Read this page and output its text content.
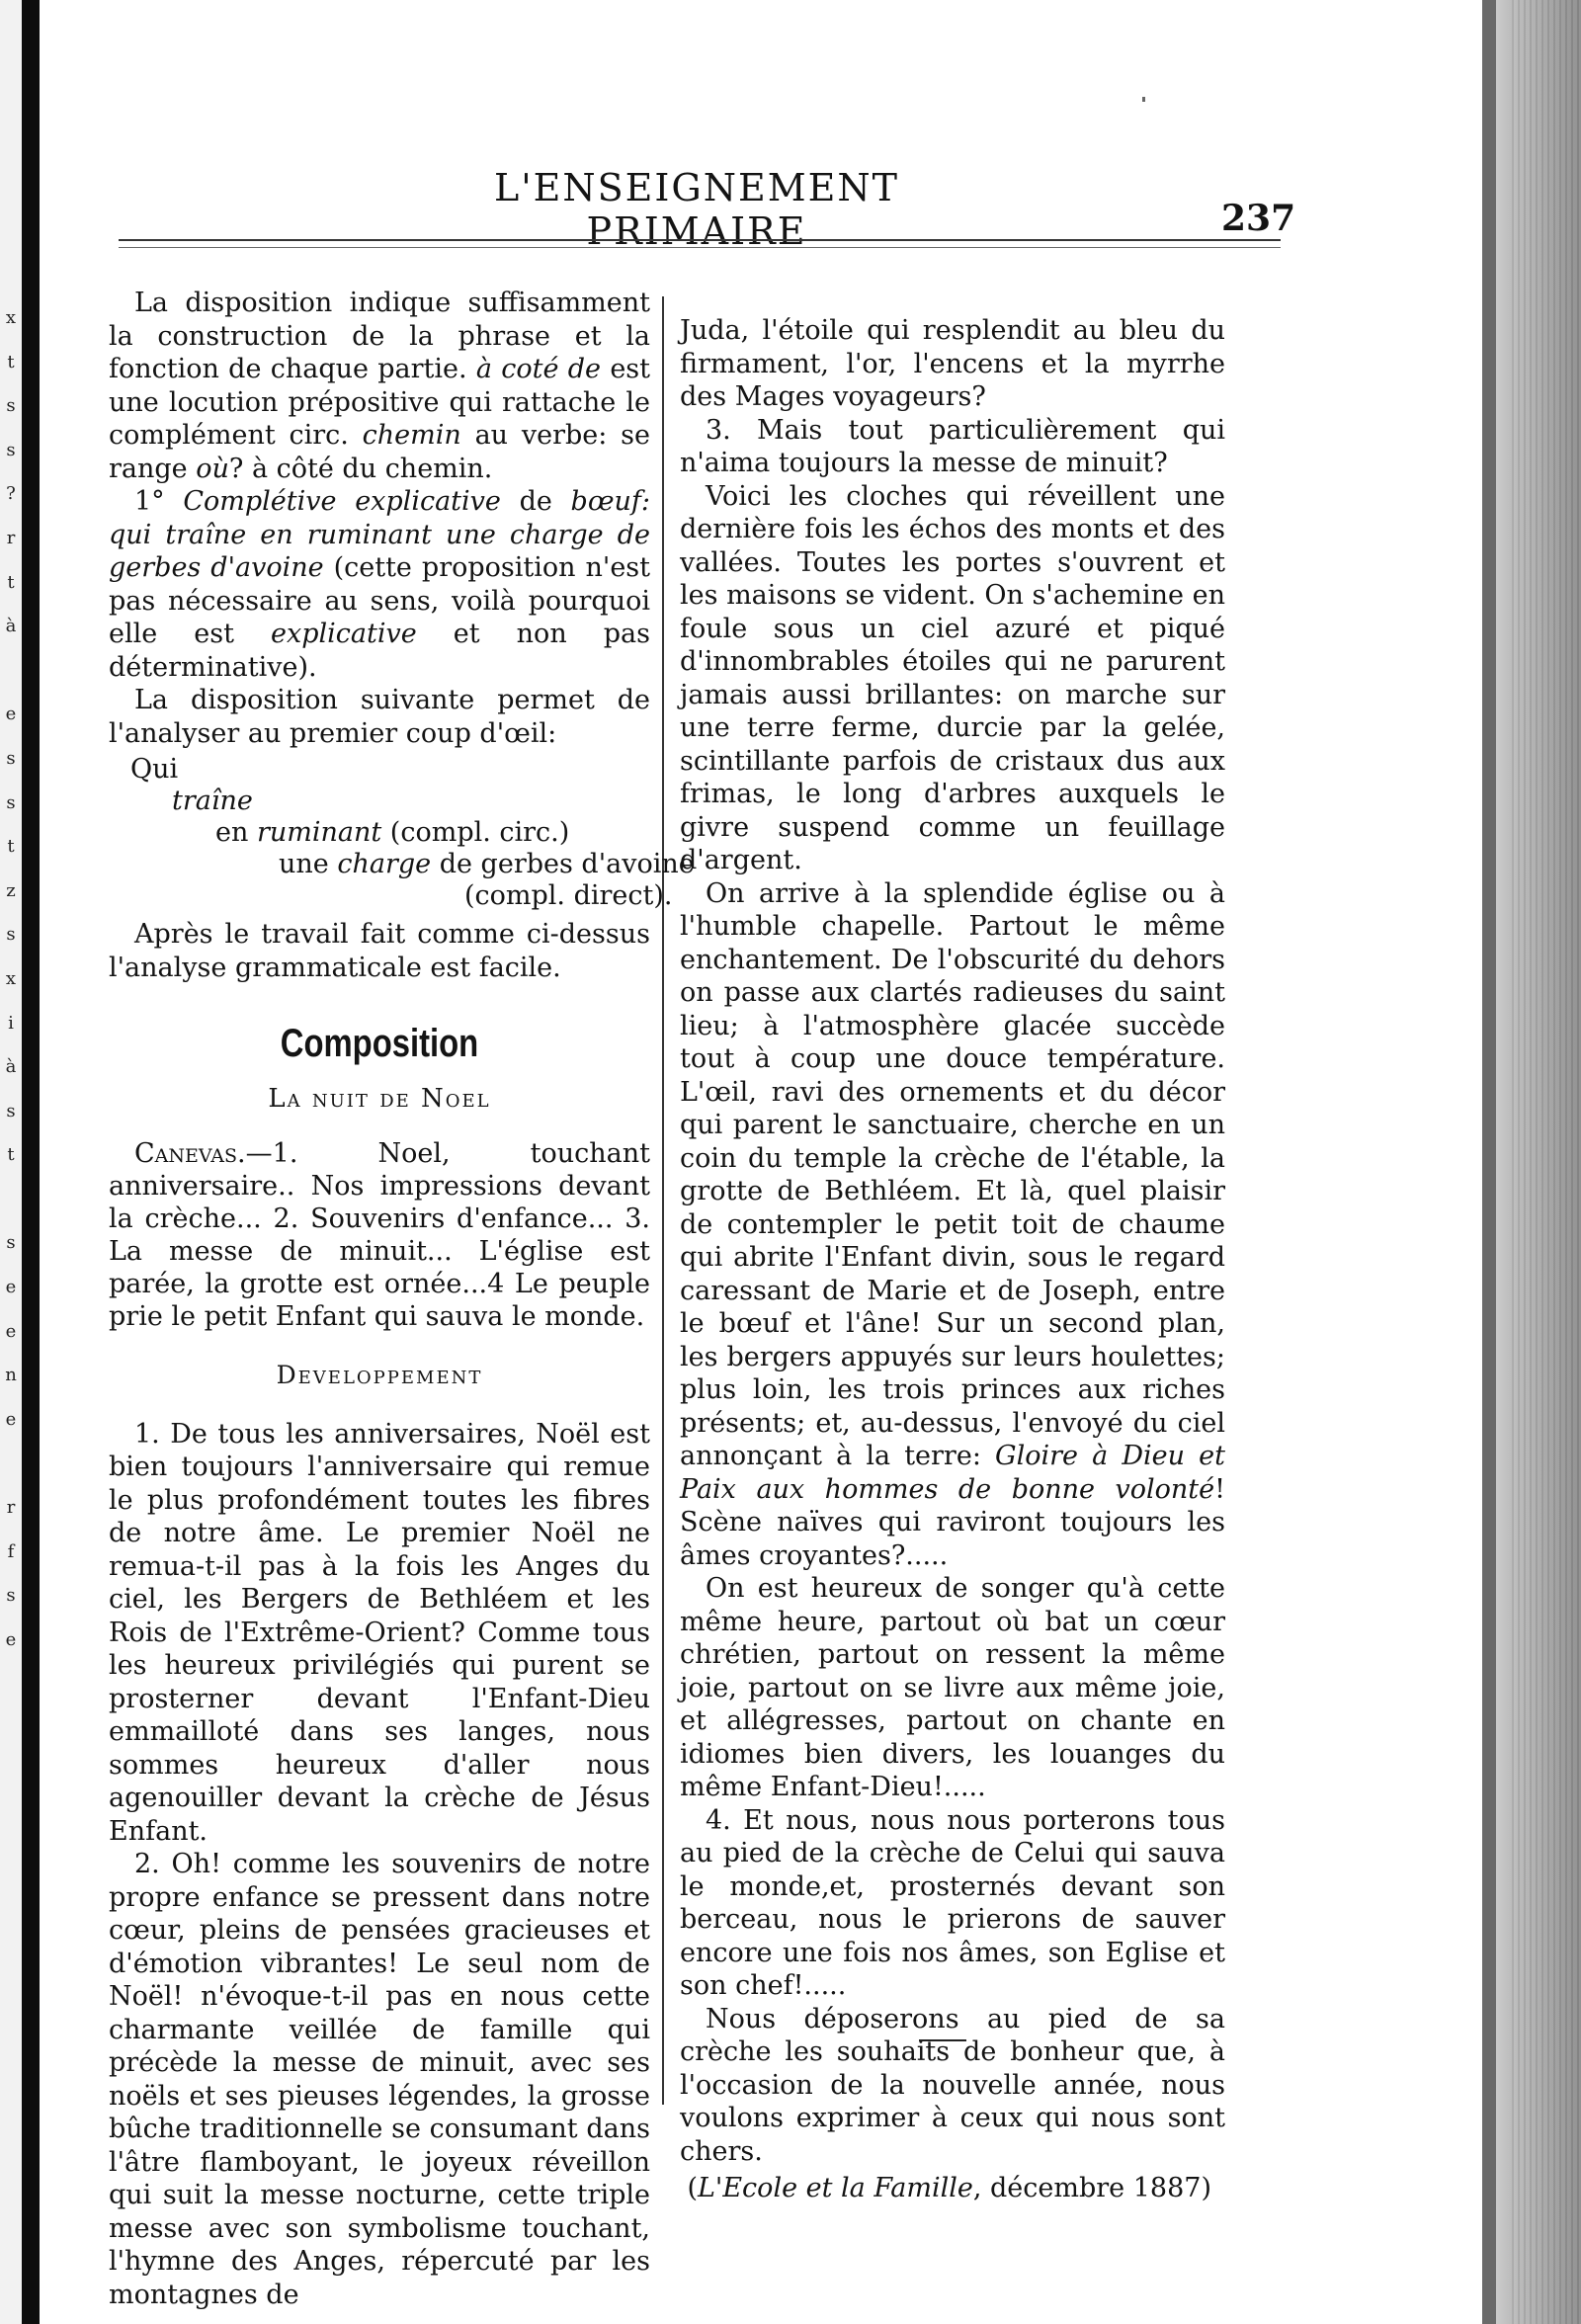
x
t
s
s
?
r
t
à

e
s
s
t
z
s
x
i
à
s
t

s
e
e
n
e

r
f
s
e
L'ENSEIGNEMENT PRIMAIRE	237

La disposition indique suffisamment la construction de la phrase et la fonction de chaque partie. à coté de est une locution prépositive qui rattache le complément circ. chemin au verbe: se range où? à côté du chemin.

1° Complétive explicative de bœuf: qui traîne en ruminant une charge de gerbes d'avoine (cette proposition n'est pas nécessaire au sens, voilà pourquoi elle est explicative et non pas déterminative).

La disposition suivante permet de l'analyser au premier coup d'œil:

Qui
traîne
en ruminant (compl. circ.)
une charge de gerbes d'avoine
(compl. direct).

Après le travail fait comme ci-dessus l'analyse grammaticale est facile.

Composition
La nuit de Noel

Canevas.—1. Noel, touchant anniversaire.. Nos impressions devant la crèche... 2. Souvenirs d'enfance... 3. La messe de minuit... L'église est parée, la grotte est ornée...4 Le peuple prie le petit Enfant qui sauva le monde.

Developpement

1. De tous les anniversaires, Noël est bien toujours l'anniversaire qui remue le plus profondément toutes les fibres de notre âme. Le premier Noël ne remua-t-il pas à la fois les Anges du ciel, les Bergers de Bethléem et les Rois de l'Extrême-Orient? Comme tous les heureux privilégiés qui purent se prosterner devant l'Enfant-Dieu emmailloté dans ses langes, nous sommes heureux d'aller nous agenouiller devant la crèche de Jésus Enfant.

2. Oh! comme les souvenirs de notre propre enfance se pressent dans notre cœur, pleins de pensées gracieuses et d'émotion vibrantes! Le seul nom de Noël! n'évoque-t-il pas en nous cette charmante veillée de famille qui précède la messe de minuit, avec ses noëls et ses pieuses légendes, la grosse bûche traditionnelle se consumant dans l'âtre flamboyant, le joyeux réveillon qui suit la messe nocturne, cette triple messe avec son symbolisme touchant, l'hymne des Anges, répercuté par les montagnes de

Juda, l'étoile qui resplendit au bleu du firmament, l'or, l'encens et la myrrhe des Mages voyageurs?

3. Mais tout particulièrement qui n'aima toujours la messe de minuit?

Voici les cloches qui réveillent une dernière fois les échos des monts et des vallées. Toutes les portes s'ouvrent et les maisons se vident. On s'achemine en foule sous un ciel azuré et piqué d'innombrables étoiles qui ne parurent jamais aussi brillantes: on marche sur une terre ferme, durcie par la gelée, scintillante parfois de cristaux dus aux frimas, le long d'arbres auxquels le givre suspend comme un feuillage d'argent.

On arrive à la splendide église ou à l'humble chapelle. Partout le même enchantement. De l'obscurité du dehors on passe aux clartés radieuses du saint lieu; à l'atmosphère glacée succède tout à coup une douce température. L'œil, ravi des ornements et du décor qui parent le sanctuaire, cherche en un coin du temple la crèche de l'étable, la grotte de Bethléem. Et là, quel plaisir de contempler le petit toit de chaume qui abrite l'Enfant divin, sous le regard caressant de Marie et de Joseph, entre le bœuf et l'âne! Sur un second plan, les bergers appuyés sur leurs houlettes; plus loin, les trois princes aux riches présents; et, au-dessus, l'envoyé du ciel annonçant à la terre: Gloire à Dieu et Paix aux hommes de bonne volonté! Scène naïves qui raviront toujours les âmes croyantes?.....

On est heureux de songer qu'à cette même heure, partout où bat un cœur chrétien, partout on ressent la même joie, partout on se livre aux même joie, et allégresses, partout on chante en idiomes bien divers, les louanges du même Enfant-Dieu!.....

4. Et nous, nous nous porterons tous au pied de la crèche de Celui qui sauva le monde,et, prosternés devant son berceau, nous le prierons de sauver encore une fois nos âmes, son Eglise et son chef!.....

Nous déposerons au pied de sa crèche les souhaits de bonheur que, à l'occasion de la nouvelle année, nous voulons exprimer à ceux qui nous sont chers.

(L'Ecole et la Famille, décembre 1887)
